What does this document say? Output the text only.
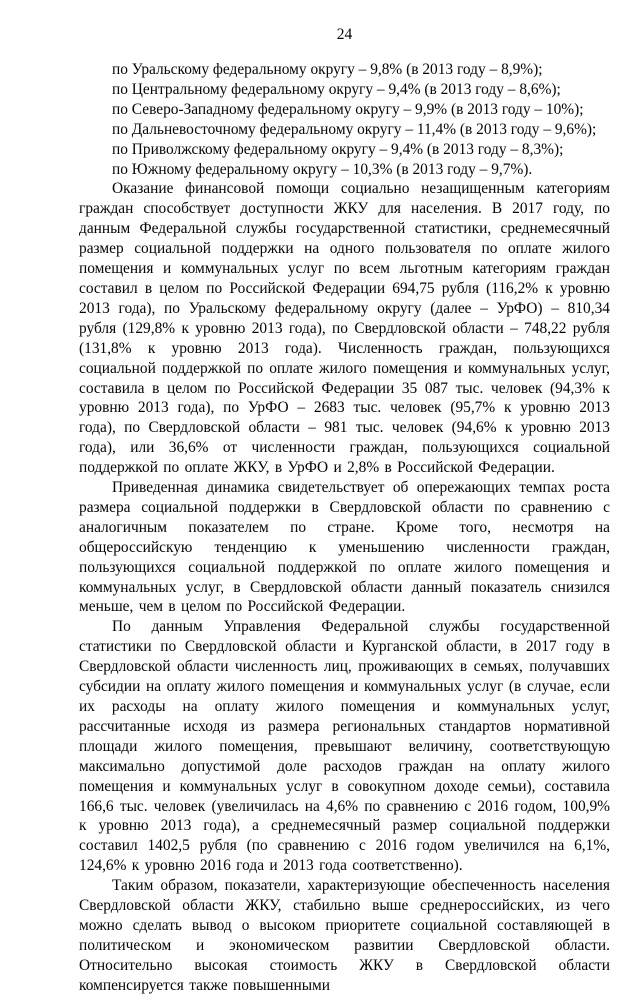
24
по Уральскому федеральному округу – 9,8% (в 2013 году – 8,9%);
по Центральному федеральному округу – 9,4% (в 2013 году – 8,6%);
по Северо-Западному федеральному округу – 9,9% (в 2013 году – 10%);
по Дальневосточному федеральному округу – 11,4% (в 2013 году – 9,6%);
по Приволжскому федеральному округу – 9,4% (в 2013 году – 8,3%);
по Южному федеральному округу – 10,3% (в 2013 году – 9,7%).

Оказание финансовой помощи социально незащищенным категориям граждан способствует доступности ЖКУ для населения. В 2017 году, по данным Федеральной службы государственной статистики, среднемесячный размер социальной поддержки на одного пользователя по оплате жилого помещения и коммунальных услуг по всем льготным категориям граждан составил в целом по Российской Федерации 694,75 рубля (116,2% к уровню 2013 года), по Уральскому федеральному округу (далее – УрФО) – 810,34 рубля (129,8% к уровню 2013 года), по Свердловской области – 748,22 рубля (131,8% к уровню 2013 года). Численность граждан, пользующихся социальной поддержкой по оплате жилого помещения и коммунальных услуг, составила в целом по Российской Федерации 35 087 тыс. человек (94,3% к уровню 2013 года), по УрФО – 2683 тыс. человек (95,7% к уровню 2013 года), по Свердловской области – 981 тыс. человек (94,6% к уровню 2013 года), или 36,6% от численности граждан, пользующихся социальной поддержкой по оплате ЖКУ, в УрФО и 2,8% в Российской Федерации.

Приведенная динамика свидетельствует об опережающих темпах роста размера социальной поддержки в Свердловской области по сравнению с аналогичным показателем по стране. Кроме того, несмотря на общероссийскую тенденцию к уменьшению численности граждан, пользующихся социальной поддержкой по оплате жилого помещения и коммунальных услуг, в Свердловской области данный показатель снизился меньше, чем в целом по Российской Федерации.

По данным Управления Федеральной службы государственной статистики по Свердловской области и Курганской области, в 2017 году в Свердловской области численность лиц, проживающих в семьях, получавших субсидии на оплату жилого помещения и коммунальных услуг (в случае, если их расходы на оплату жилого помещения и коммунальных услуг, рассчитанные исходя из размера региональных стандартов нормативной площади жилого помещения, превышают величину, соответствующую максимально допустимой доле расходов граждан на оплату жилого помещения и коммунальных услуг в совокупном доходе семьи), составила 166,6 тыс. человек (увеличилась на 4,6% по сравнению с 2016 годом, 100,9% к уровню 2013 года), а среднемесячный размер социальной поддержки составил 1402,5 рубля (по сравнению с 2016 годом увеличился на 6,1%, 124,6% к уровню 2016 года и 2013 года соответственно).

Таким образом, показатели, характеризующие обеспеченность населения Свердловской области ЖКУ, стабильно выше среднероссийских, из чего можно сделать вывод о высоком приоритете социальной составляющей в политическом и экономическом развитии Свердловской области. Относительно высокая стоимость ЖКУ в Свердловской области компенсируется также повышенными
